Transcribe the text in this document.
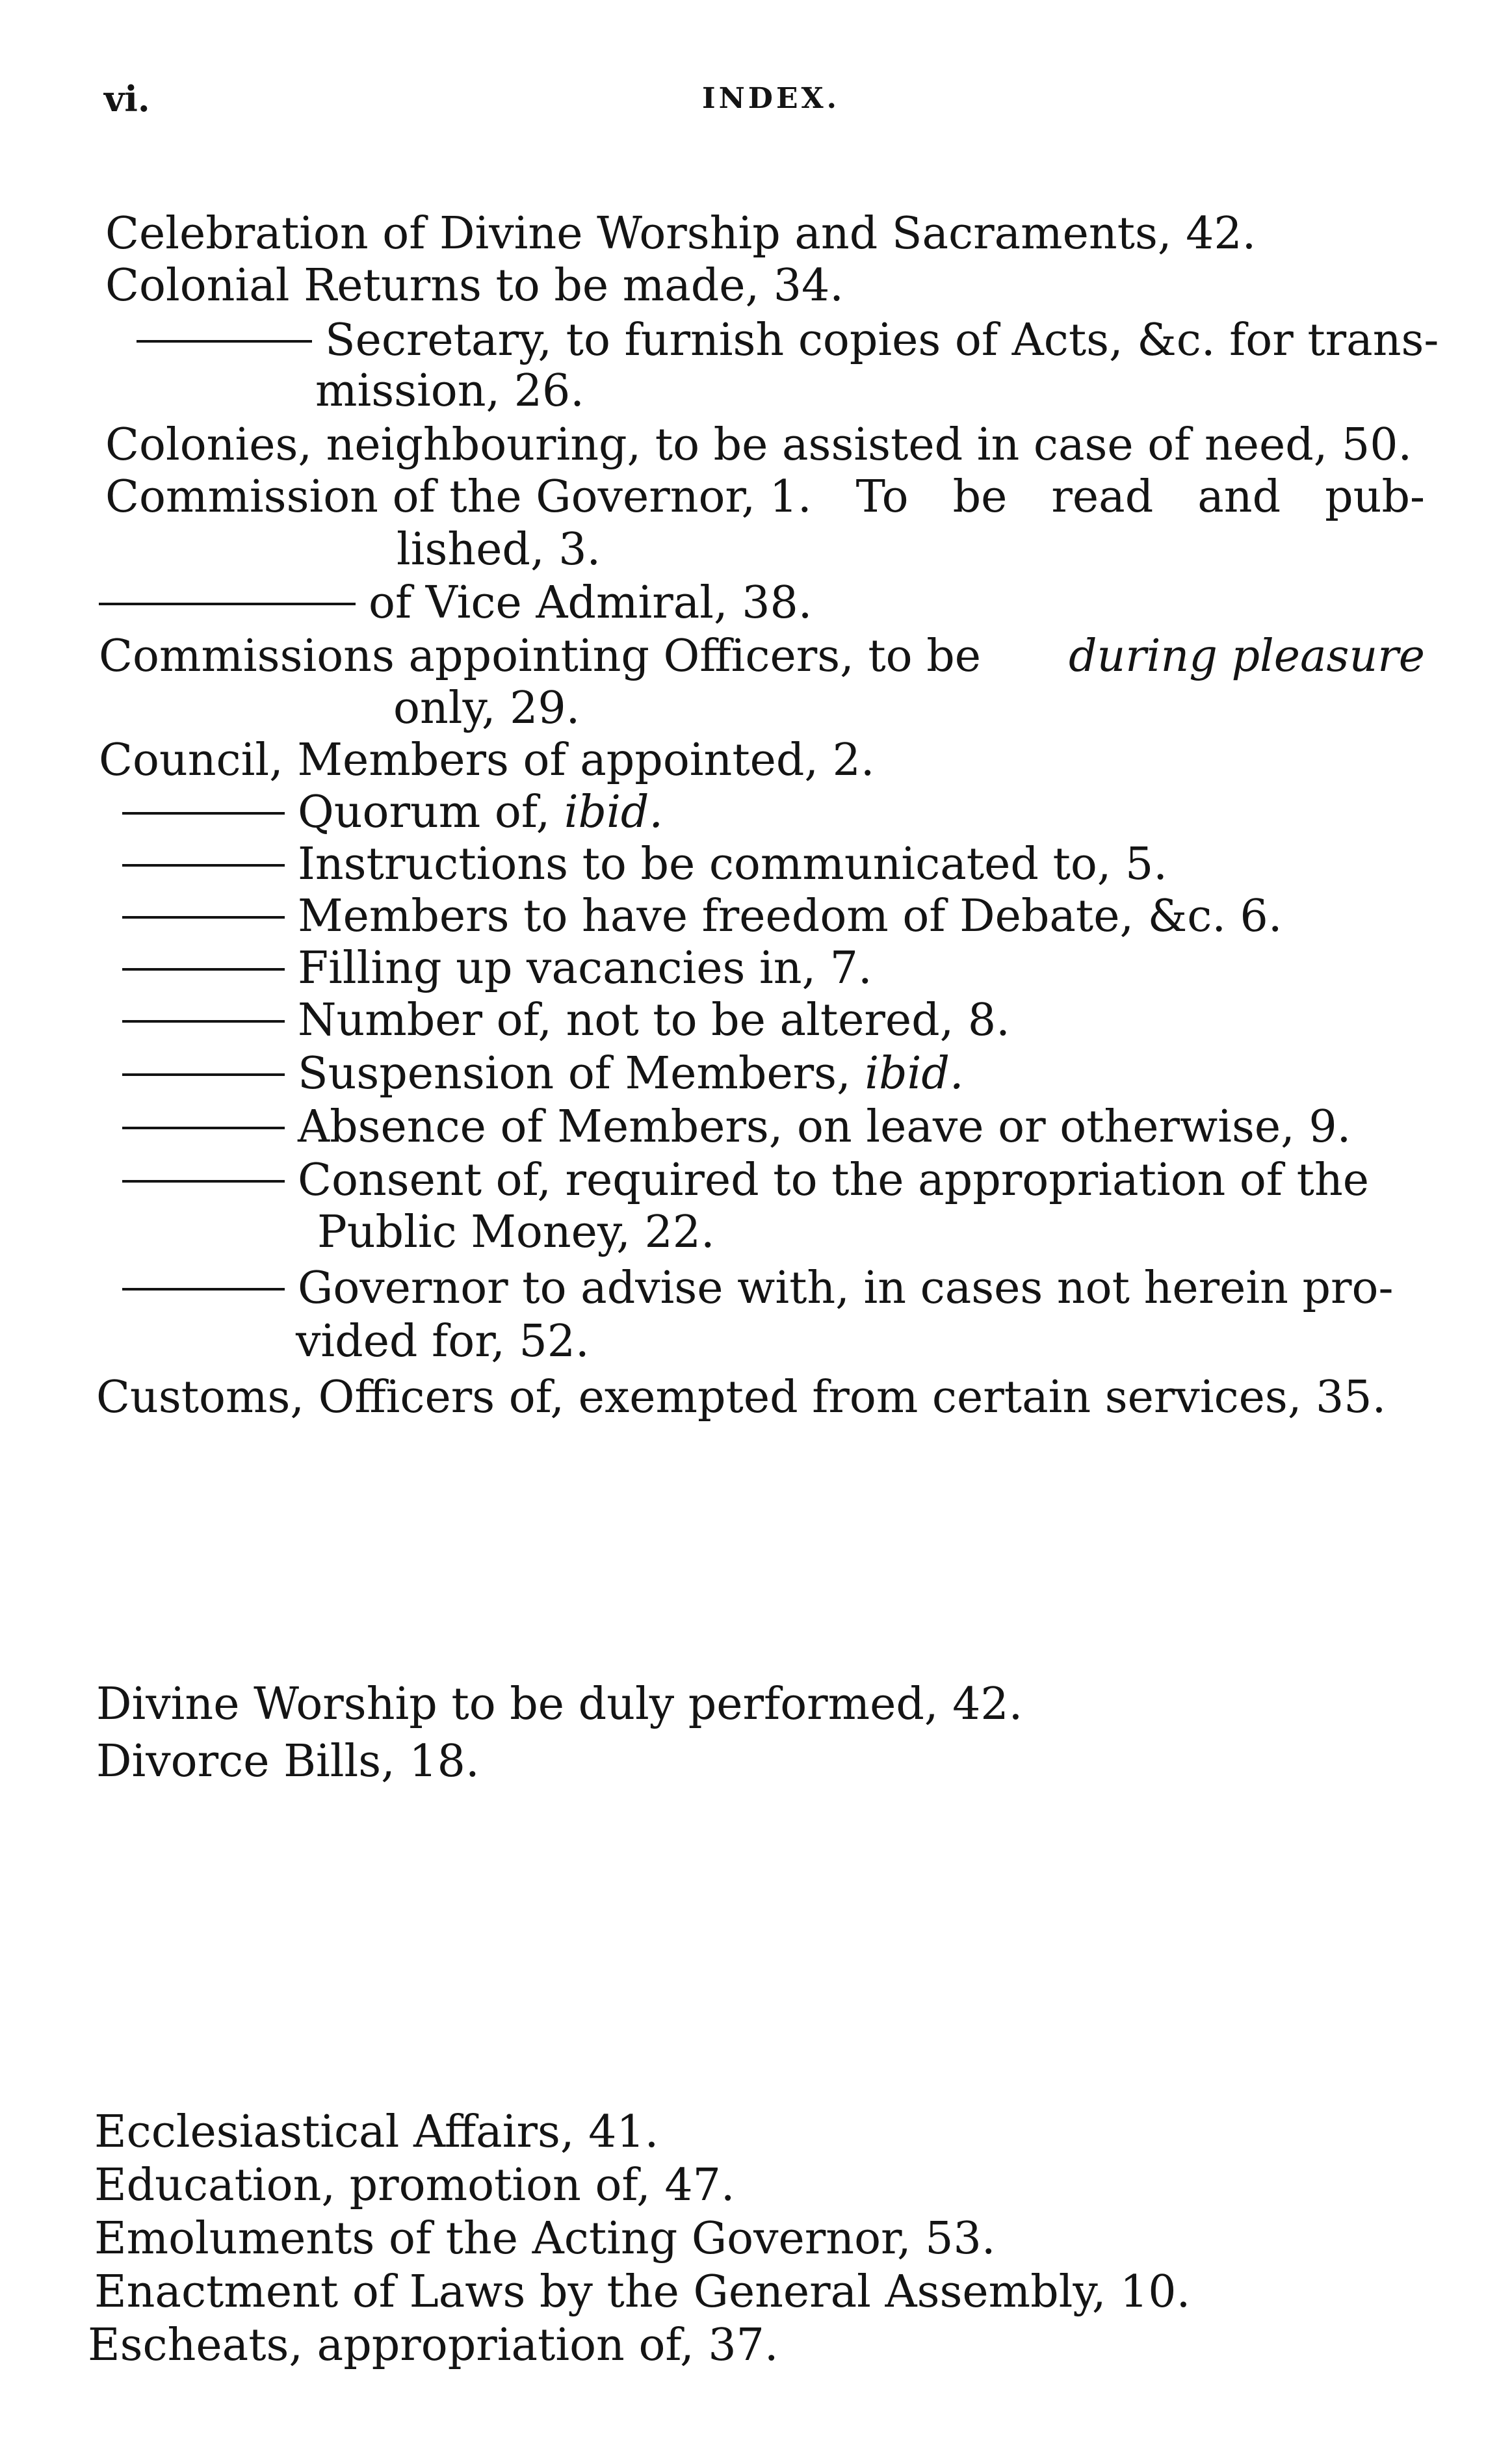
vi.	INDEX.
Celebration of Divine Worship and Sacraments, 42.
Colonial Returns to be made, 34.
Secretary, to furnish copies of Acts, &c. for trans-
mission, 26.
Colonies, neighbouring, to be assisted in case of need, 50.
Commission of the Governor, 1. To be read and pub-
lished, 3.
of Vice Admiral, 38.
Commissions appointing Officers, to be during pleasure
only, 29.
Council, Members of appointed, 2.
Quorum of, ibid.
Instructions to be communicated to, 5.
Members to have freedom of Debate, &c. 6.
Filling up vacancies in, 7.
Number of, not to be altered, 8.
Suspension of Members, ibid.
Absence of Members, on leave or otherwise, 9.
Consent of, required to the appropriation of the
Public Money, 22.
Governor to advise with, in cases not herein pro-
vided for, 52.
Customs, Officers of, exempted from certain services, 35.
Divine Worship to be duly performed, 42.
Divorce Bills, 18.
Ecclesiastical Affairs, 41.
Education, promotion of, 47.
Emoluments of the Acting Governor, 53.
Enactment of Laws by the General Assembly, 10.
Escheats, appropriation of, 37.
